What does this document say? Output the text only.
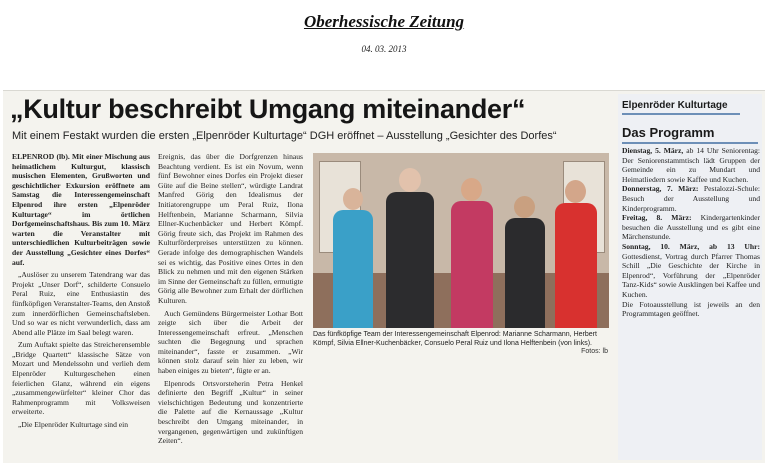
Oberhessische Zeitung
04. 03. 2013
„Kultur beschreibt Umgang miteinander“
Mit einem Festakt wurden die ersten „Elpenröder Kulturtage“ DGH eröffnet – Ausstellung „Gesichter des Dorfes“

ELPENROD (lb). Mit einer Mischung aus heimatlichem Kulturgut, klassisch musischen Elementen, Grußworten und geschichtlicher Exkursion eröffnete am Samstag die Interessengemeinschaft Elpenrod ihre ersten „Elpenröder Kulturtage“ im örtlichen Dorfgemeinschaftshaus. Bis zum 10. März warten die Veranstalter mit unterschiedlichen Kulturbeiträgen sowie der Ausstellung „Gesichter eines Dorfes“ auf.

„Auslöser zu unserem Tatendrang war das Projekt „Unser Dorf“, schilderte Consuelo Peral Ruiz, eine Enthusiastin des fünfköpfigen Veranstalter-Teams, den Anstoß zum innerdörflichen Gemeinschaftsleben. Und so war es nicht verwunderlich, dass am Abend alle Plätze im Saal belegt waren.

Zum Auftakt spielte das Streicherensemble „Bridge Quartett“ klassische Sätze von Mozart und Mendelssohn und verlieh dem Elpenröder Kulturgeschehen einen feierlichen Glanz, während ein eigens „zusammengewürfelter“ kleiner Chor das Rahmenprogramm mit Volksweisen erweiterte.

„Die Elpenröder Kulturtage sind ein

Ereignis, das über die Dorfgrenzen hinaus Beachtung verdient. Es ist ein Novum, wenn fünf Bewohner eines Dorfes ein Projekt dieser Güte auf die Beine stellen“, würdigte Landrat Manfred Görig den Idealismus der Initiatorengruppe um Peral Ruiz, Ilona Helftenbein, Marianne Scharmann, Silvia Ellner-Kuchenbäcker und Herbert Kömpf. Görig freute sich, das Projekt im Rahmen des Kulturförderpreises unterstützen zu können. Gerade infolge des demographischen Wandels sei es wichtig, das Positive eines Ortes in den Blick zu nehmen und mit den eigenen Stärken im Sinne der Gemeinschaft zu füllen, ermutigte Görig alle Bewohner zum Erhalt der dörflichen Kulturen.

Auch Gemündens Bürgermeister Lothar Bott zeigte sich über die Arbeit der Interessengemeinschaft erfreut. „Menschen suchten die Begegnung und sprachen miteinander“, fasste er zusammen. „Wir können stolz darauf sein hier zu leben, wir haben einiges zu bieten“, fügte er an.

Elpenrods Ortsvorsteherin Petra Henkel definierte den Begriff „Kultur“ in seiner vielschichtigen Bedeutung und konzentrierte die Palette auf die Kernaussage „Kultur beschreibt den Umgang miteinander, in vergangenen, gegenwärtigen und zukünftigen Zeiten“.

Das fünfköpfige Team der Interessengemeinschaft Elpenrod: Marianne Scharmann, Herbert Kömpf, Silvia Ellner-Kuchenbäcker, Consuelo Peral Ruiz und Ilona Helftenbein (von links).
Fotos: lb
Elpenröder Kulturtage
Das Programm

Dienstag, 5. März, ab 14 Uhr Seniorentag: Der Seniorenstammtisch lädt Gruppen der Gemeinde ein zu Mundart und Heimatliedern sowie Kaffee und Kuchen.

Donnerstag, 7. März: Pestalozzi-Schule: Besuch der Ausstellung und Kinderprogramm.

Freitag, 8. März: Kindergartenkinder besuchen die Ausstellung und es gibt eine Märchenstunde.

Sonntag, 10. März, ab 13 Uhr: Gottesdienst, Vortrag durch Pfarrer Thomas Schill „Die Geschichte der Kirche in Elpenrod“, Vorführung der „Elpenröder Tanz-Kids“ sowie Ausklingen bei Kaffee und Kuchen.

Die Fotoausstellung ist jeweils an den Programmtagen geöffnet.
